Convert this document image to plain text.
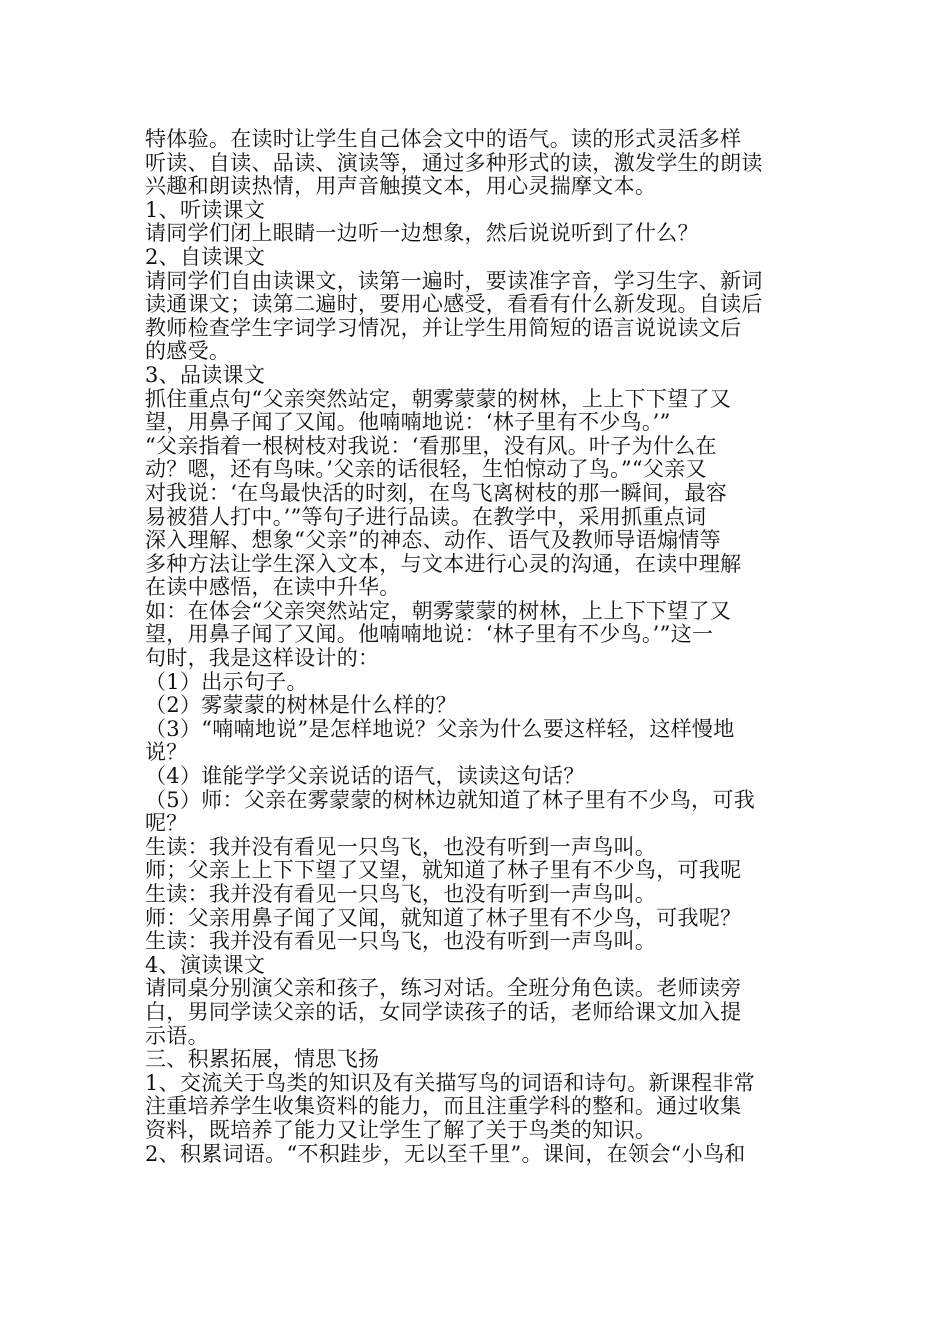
特体验。在读时让学生自己体会文中的语气。读的形式灵活多样
听读、自读、品读、演读等，通过多种形式的读，激发学生的朗读
兴趣和朗读热情，用声音触摸文本，用心灵揣摩文本。
1、听读课文
请同学们闭上眼睛一边听一边想象，然后说说听到了什么？
2、自读课文
请同学们自由读课文，读第一遍时，要读准字音，学习生字、新词
读通课文；读第二遍时，要用心感受，看看有什么新发现。自读后
教师检查学生字词学习情况，并让学生用简短的语言说说读文后
的感受。
3、品读课文
抓住重点句“父亲突然站定，朝雾蒙蒙的树林，上上下下望了又
望，用鼻子闻了又闻。他喃喃地说：‘林子里有不少鸟。’”
“父亲指着一根树枝对我说：‘看那里，没有风。叶子为什么在
动？嗯，还有鸟味。’父亲的话很轻，生怕惊动了鸟。”“父亲又
对我说：‘在鸟最快活的时刻，在鸟飞离树枝的那一瞬间，最容
易被猎人打中。’”等句子进行品读。在教学中，采用抓重点词
深入理解、想象“父亲”的神态、动作、语气及教师导语煽情等
多种方法让学生深入文本，与文本进行心灵的沟通，在读中理解
在读中感悟，在读中升华。
如：在体会“父亲突然站定，朝雾蒙蒙的树林，上上下下望了又
望，用鼻子闻了又闻。他喃喃地说：‘林子里有不少鸟。’”这一
句时，我是这样设计的：
（1）出示句子。
（2）雾蒙蒙的树林是什么样的？
（3）“喃喃地说”是怎样地说？父亲为什么要这样轻，这样慢地
说？
（4）谁能学学父亲说话的语气，读读这句话？
（5）师：父亲在雾蒙蒙的树林边就知道了林子里有不少鸟，可我
呢？
生读：我并没有看见一只鸟飞，也没有听到一声鸟叫。
师；父亲上上下下望了又望，就知道了林子里有不少鸟，可我呢
生读：我并没有看见一只鸟飞，也没有听到一声鸟叫。
师：父亲用鼻子闻了又闻，就知道了林子里有不少鸟，可我呢？
生读：我并没有看见一只鸟飞，也没有听到一声鸟叫。
4、演读课文
请同桌分别演父亲和孩子，练习对话。全班分角色读。老师读旁
白，男同学读父亲的话，女同学读孩子的话，老师给课文加入提
示语。
三、积累拓展，情思飞扬
1、交流关于鸟类的知识及有关描写鸟的词语和诗句。新课程非常
注重培养学生收集资料的能力，而且注重学科的整和。通过收集
资料，既培养了能力又让学生了解了关于鸟类的知识。
2、积累词语。“不积跬步，无以至千里”。课间，在领会“小鸟和
